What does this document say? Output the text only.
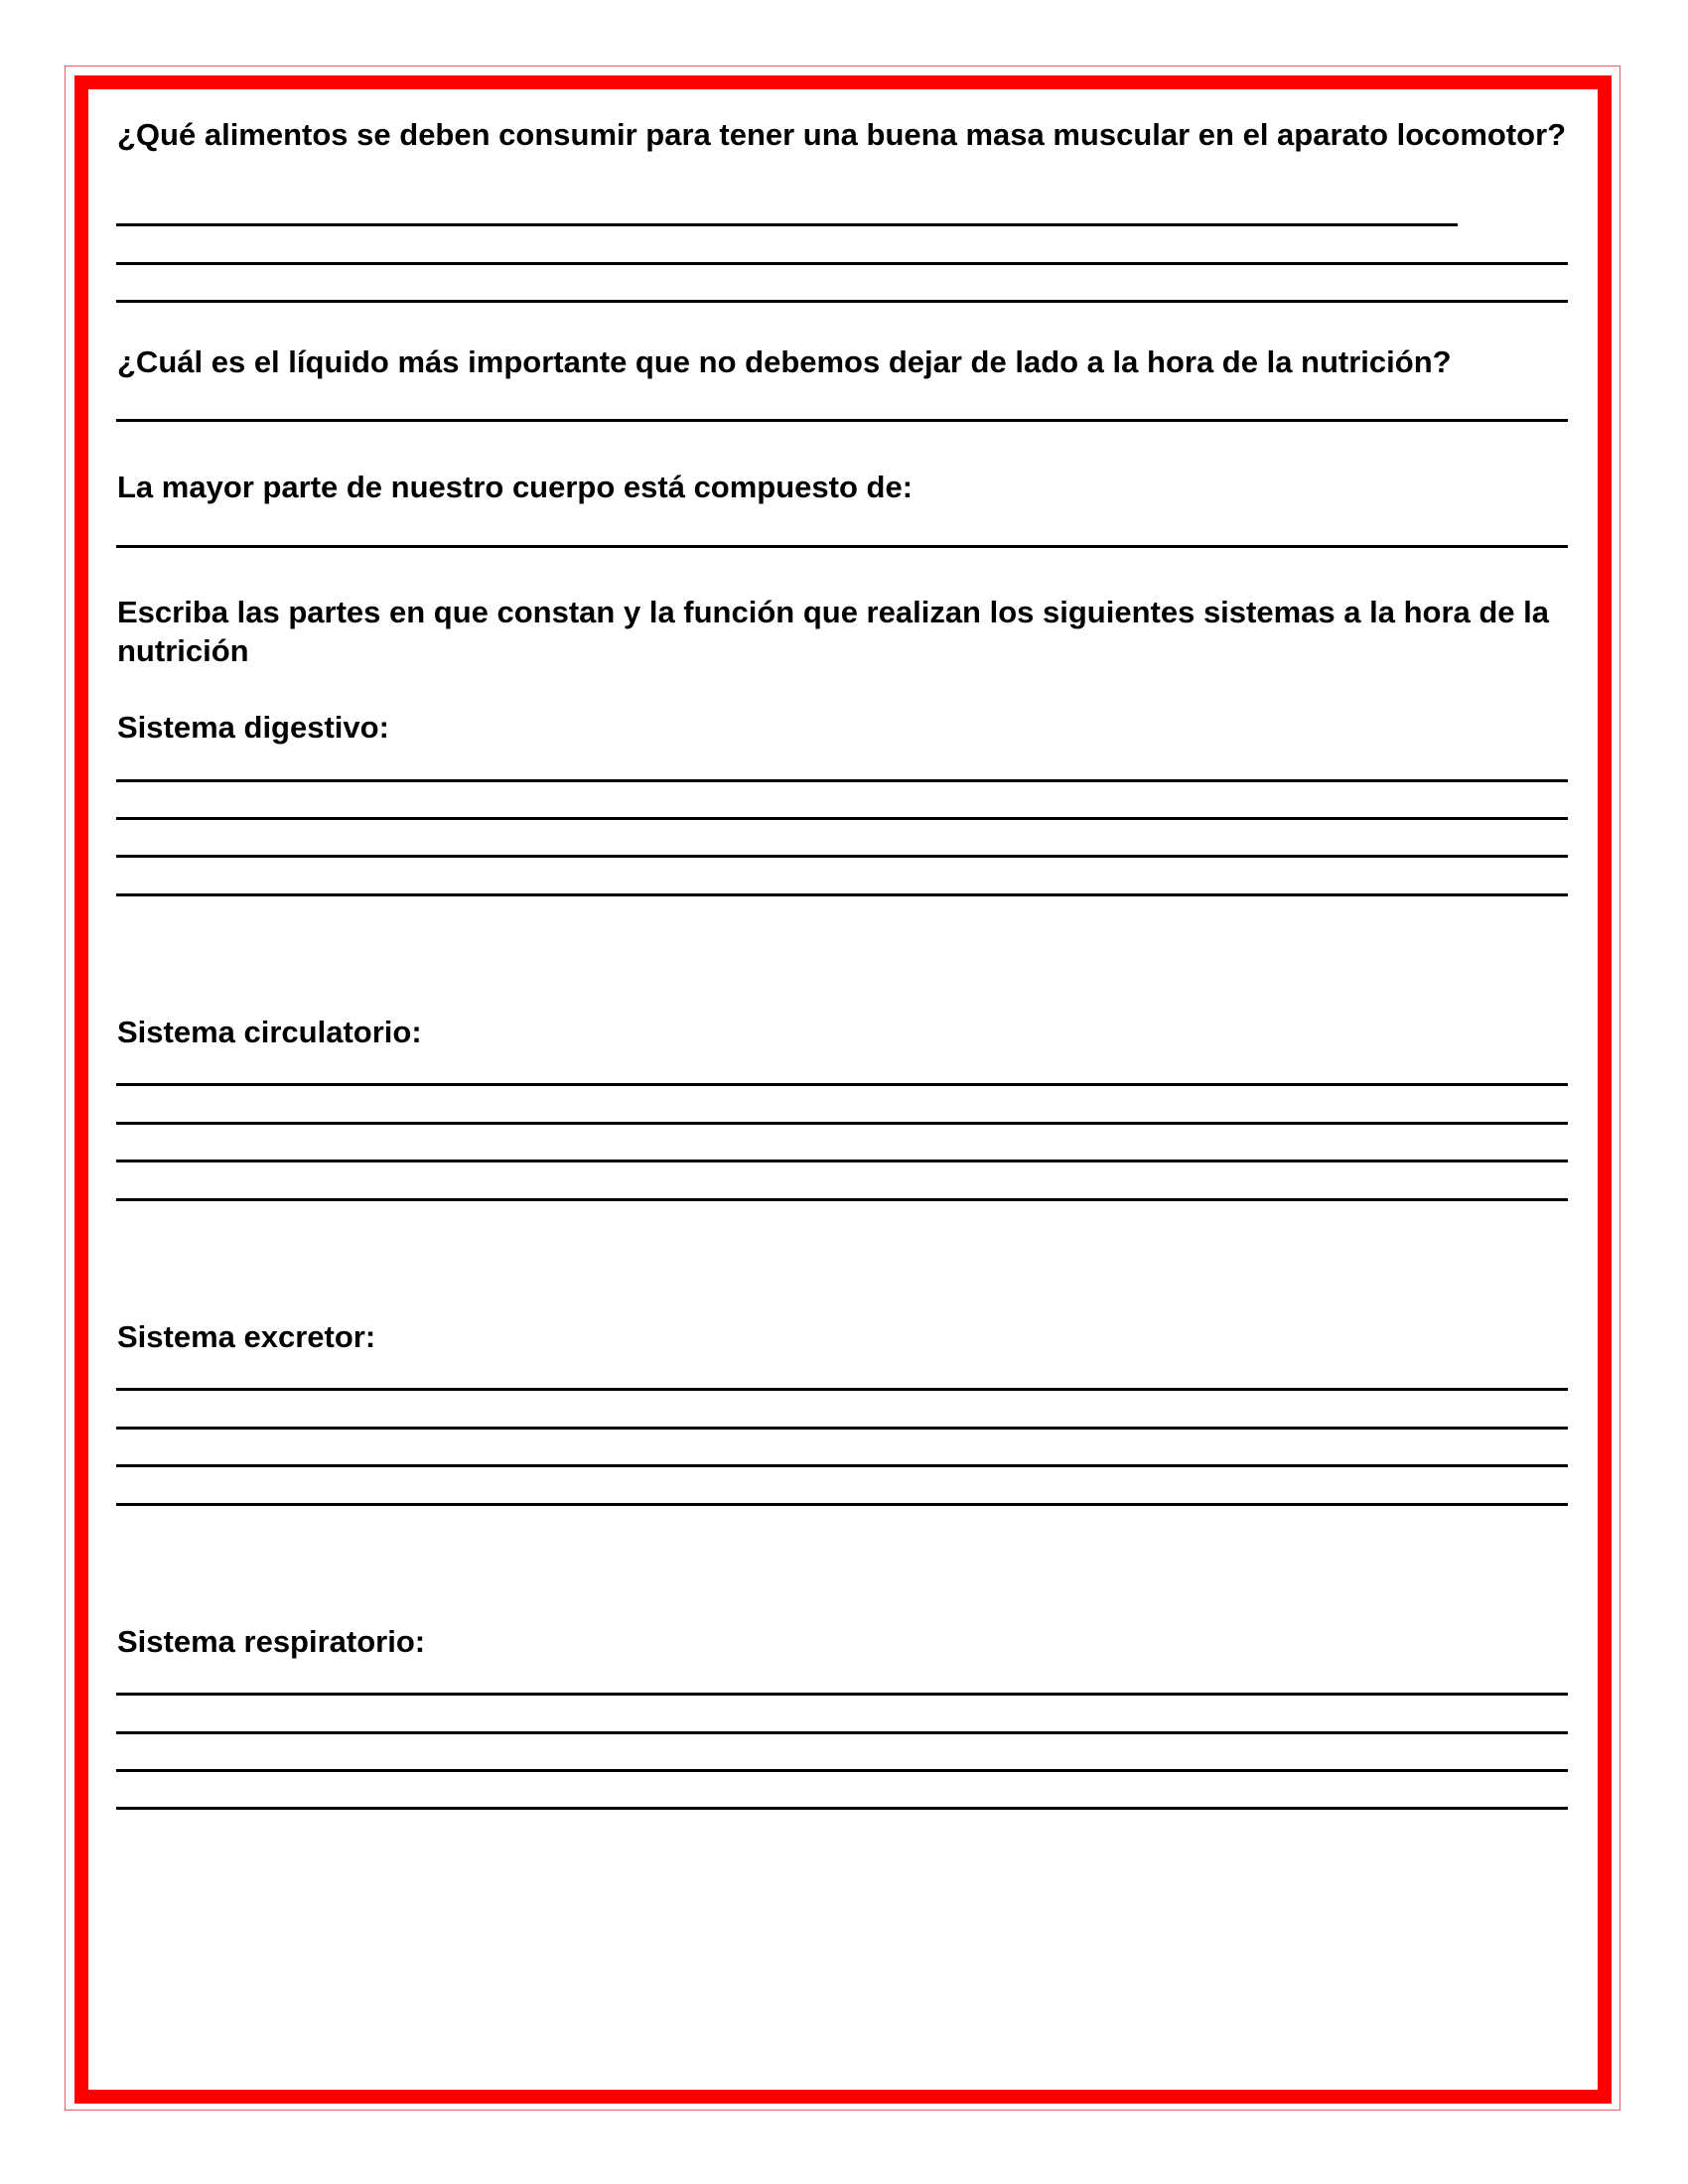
¿Qué alimentos se deben consumir para tener una buena masa muscular en el aparato locomotor?

¿Cuál es el líquido más importante que no debemos dejar de lado a la hora de la nutrición?

La mayor parte de nuestro cuerpo está compuesto de:

Escriba las partes en que constan y la función que realizan los siguientes sistemas a la hora de la nutrición

Sistema digestivo:

Sistema circulatorio:

Sistema excretor:

Sistema respiratorio:
